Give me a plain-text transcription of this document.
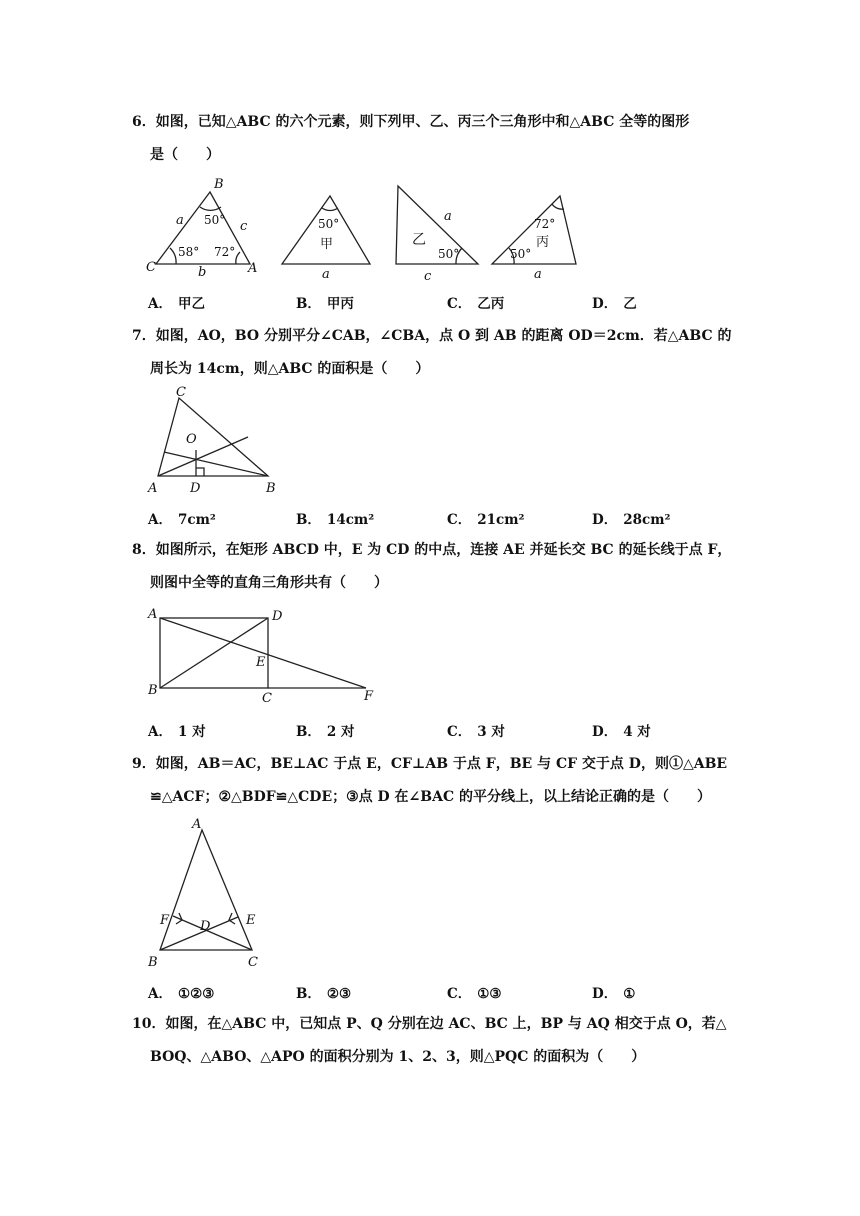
6．如图，已知△ABC 的六个元素，则下列甲、乙、丙三个三角形中和△ABC 全等的图形
是（　　）
B
C	A
a	c
b
50°
58° 72°
50°
甲
a
a
乙
50°
c
72°
丙
50°
a
A． 甲乙	B． 甲丙	C． 乙丙	D． 乙
7．如图，AO，BO 分别平分∠CAB，∠CBA，点 O 到 AB 的距离 OD＝2cm．若△ABC 的
周长为 14cm，则△ABC 的面积是（　　）
C
O
A	D	B
A． 7cm²	B． 14cm²	C． 21cm²	D． 28cm²
8．如图所示，在矩形 ABCD 中，E 为 CD 的中点，连接 AE 并延长交 BC 的延长线于点 F，
则图中全等的直角三角形共有（　　）
A	D
E
B
C	F
A． 1 对	B． 2 对	C． 3 对	D． 4 对
9．如图，AB＝AC，BE⊥AC 于点 E，CF⊥AB 于点 F，BE 与 CF 交于点 D，则①△ABE
≌△ACF；②△BDF≌△CDE；③点 D 在∠BAC 的平分线上，以上结论正确的是（　　）
A
F D	E
B	C
A． ①②③	B． ②③	C． ①③	D． ①
10．如图，在△ABC 中，已知点 P、Q 分别在边 AC、BC 上，BP 与 AQ 相交于点 O，若△
BOQ、△ABO、△APO 的面积分别为 1、2、3，则△PQC 的面积为（　　）
